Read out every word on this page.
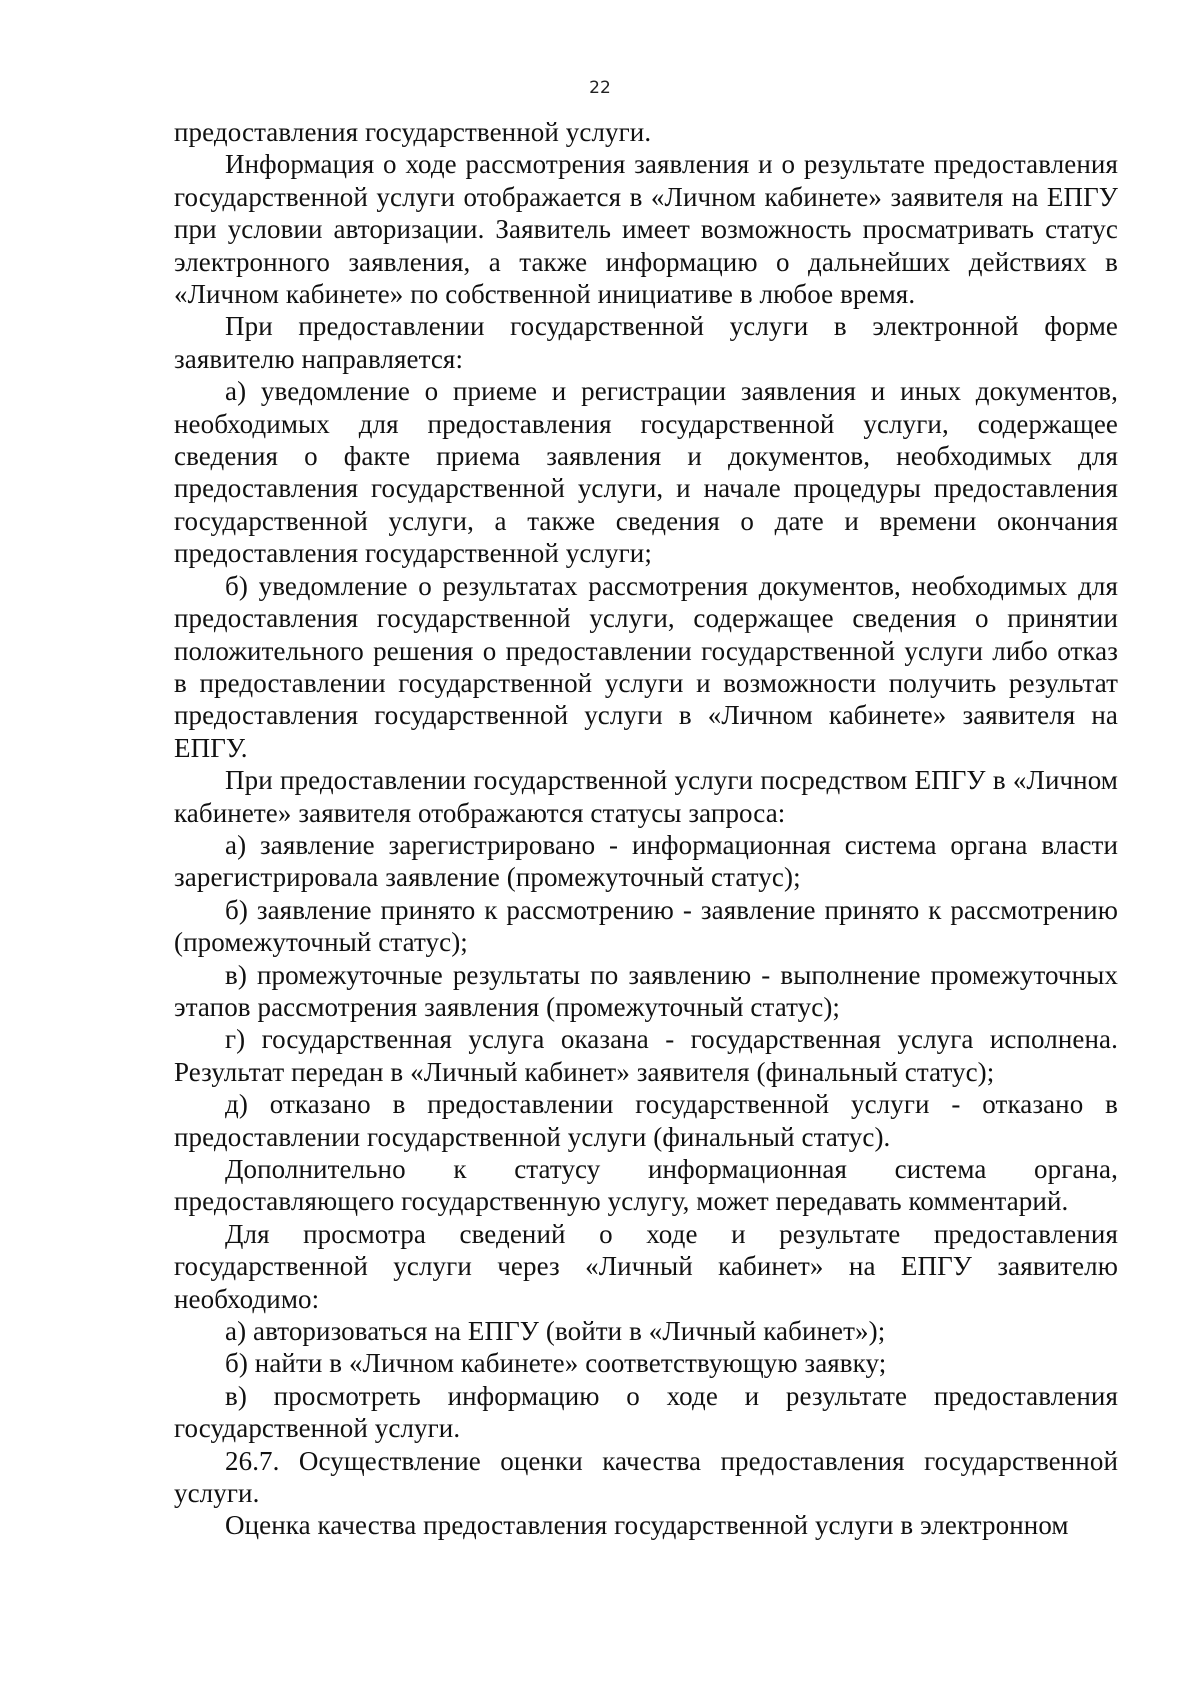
22

предоставления государственной услуги.

Информация о ходе рассмотрения заявления и о результате предоставления государственной услуги отображается в «Личном кабинете» заявителя на ЕПГУ при условии авторизации. Заявитель имеет возможность просматривать статус электронного заявления, а также информацию о дальнейших действиях в «Личном кабинете» по собственной инициативе в любое время.

При предоставлении государственной услуги в электронной форме заявителю направляется:

а) уведомление о приеме и регистрации заявления и иных документов, необходимых для предоставления государственной услуги, содержащее сведения о факте приема заявления и документов, необходимых для предоставления государственной услуги, и начале процедуры предоставления государственной услуги, а также сведения о дате и времени окончания предоставления государственной услуги;

б) уведомление о результатах рассмотрения документов, необходимых для предоставления государственной услуги, содержащее сведения о принятии положительного решения о предоставлении государственной услуги либо отказ в предоставлении государственной услуги и возможности получить результат предоставления государственной услуги в «Личном кабинете» заявителя на ЕПГУ.

При предоставлении государственной услуги посредством ЕПГУ в «Личном кабинете» заявителя отображаются статусы запроса:

а) заявление зарегистрировано - информационная система органа власти зарегистрировала заявление (промежуточный статус);

б) заявление принято к рассмотрению - заявление принято к рассмотрению (промежуточный статус);

в) промежуточные результаты по заявлению - выполнение промежуточных этапов рассмотрения заявления (промежуточный статус);

г) государственная услуга оказана - государственная услуга исполнена. Результат передан в «Личный кабинет» заявителя (финальный статус);

д) отказано в предоставлении государственной услуги - отказано в предоставлении государственной услуги (финальный статус).

Дополнительно к статусу информационная система органа, предоставляющего государственную услугу, может передавать комментарий.

Для просмотра сведений о ходе и результате предоставления государственной услуги через «Личный кабинет» на ЕПГУ заявителю необходимо:

а) авторизоваться на ЕПГУ (войти в «Личный кабинет»);

б) найти в «Личном кабинете» соответствующую заявку;

в) просмотреть информацию о ходе и результате предоставления государственной услуги.

26.7. Осуществление оценки качества предоставления государственной услуги.

Оценка качества предоставления государственной услуги в электронном
